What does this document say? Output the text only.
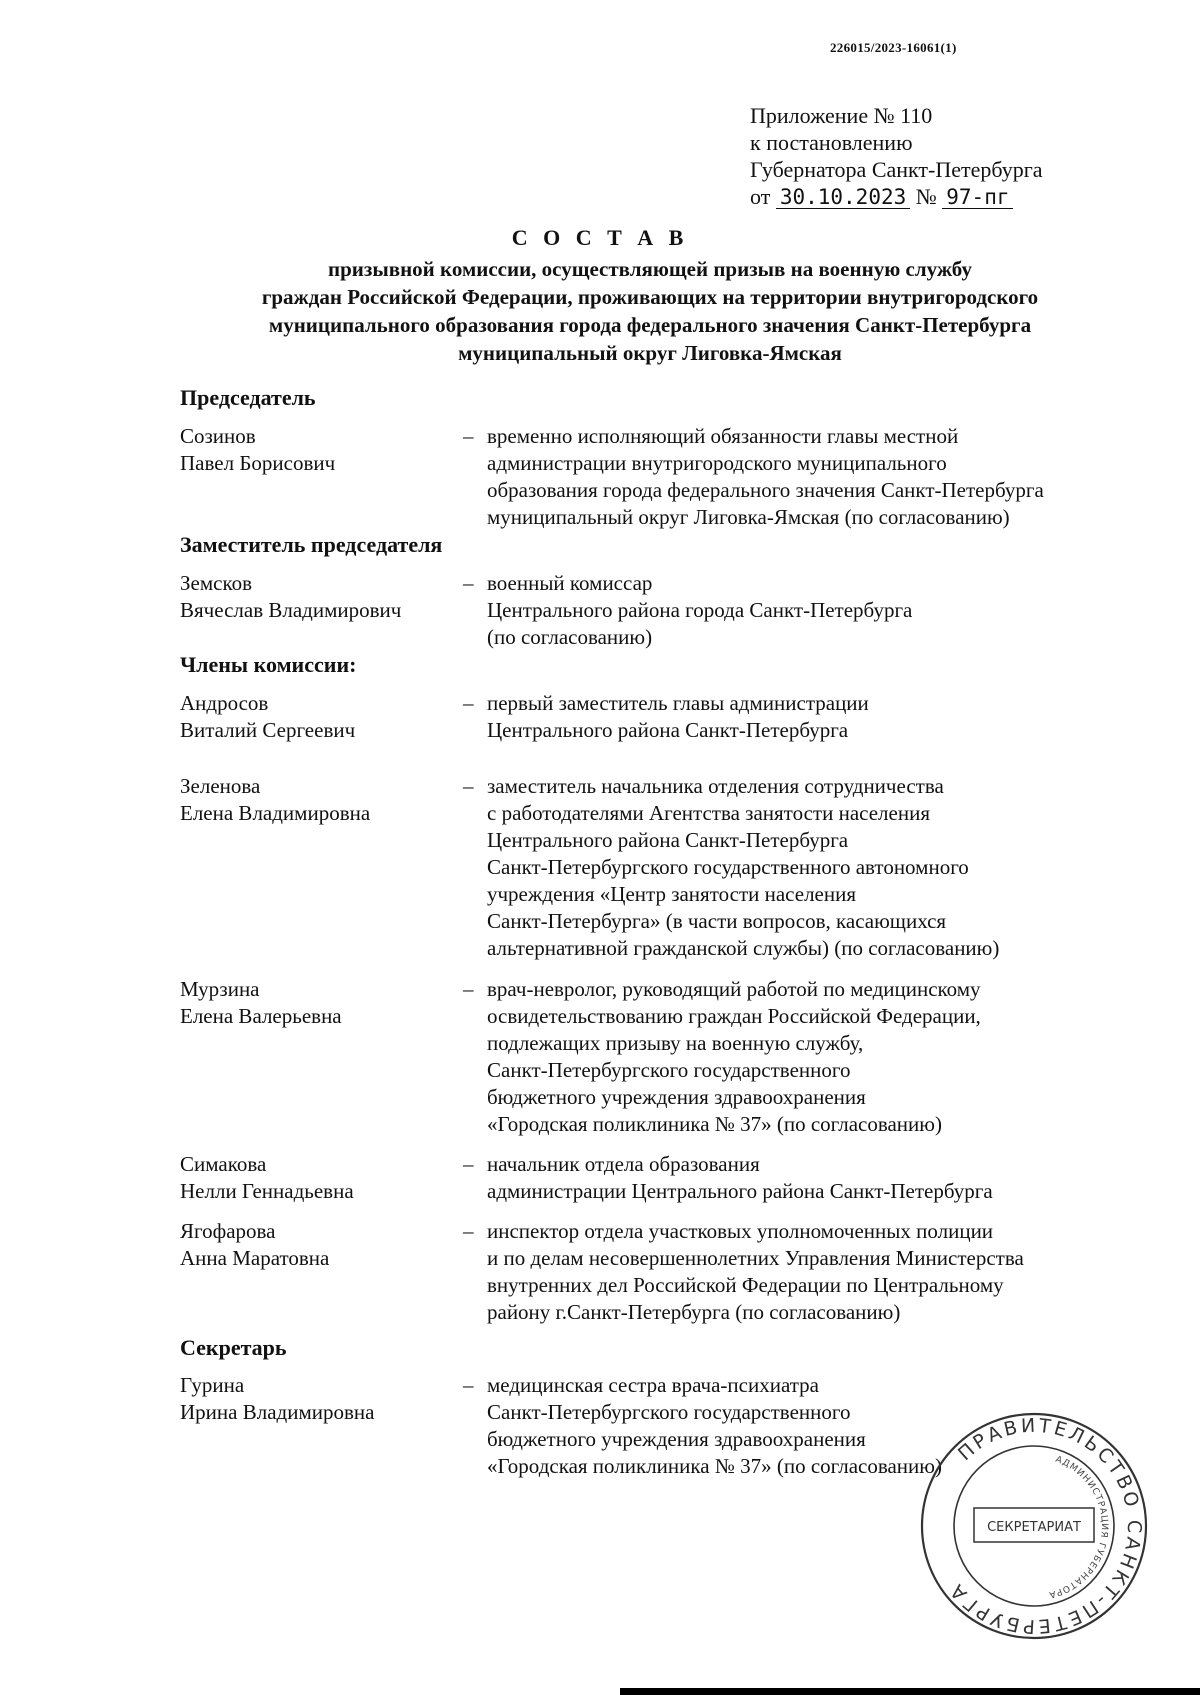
226015/2023-16061(1)
Приложение № 110
к постановлению
Губернатора Санкт-Петербурга
от 30.10.2023 № 97-пг
С О С Т А В
призывной комиссии, осуществляющей призыв на военную службу
граждан Российской Федерации, проживающих на территории внутригородского
муниципального образования города федерального значения Санкт-Петербурга
муниципальный округ Лиговка-Ямская
Председатель
Заместитель председателя
Члены комиссии:
Секретарь
Созинов
Павел Борисович
– временно исполняющий обязанности главы местной
администрации внутригородского муниципального
образования города федерального значения Санкт-Петербурга
муниципальный округ Лиговка-Ямская (по согласованию)
Земсков
Вячеслав Владимирович
– военный комиссар
Центрального района города Санкт-Петербурга
(по согласованию)
Андросов
Виталий Сергеевич
– первый заместитель главы администрации
Центрального района Санкт-Петербурга
Зеленова
Елена Владимировна
– заместитель начальника отделения сотрудничества
с работодателями Агентства занятости населения
Центрального района Санкт-Петербурга
Санкт-Петербургского государственного автономного
учреждения «Центр занятости населения
Санкт-Петербурга» (в части вопросов, касающихся
альтернативной гражданской службы) (по согласованию)
Мурзина
Елена Валерьевна
– врач-невролог, руководящий работой по медицинскому
освидетельствованию граждан Российской Федерации,
подлежащих призыву на военную службу,
Санкт-Петербургского государственного
бюджетного учреждения здравоохранения
«Городская поликлиника № 37» (по согласованию)
Симакова
Нелли Геннадьевна
– начальник отдела образования
администрации Центрального района Санкт-Петербурга
Ягофарова
Анна Маратовна
– инспектор отдела участковых уполномоченных полиции
и по делам несовершеннолетних Управления Министерства
внутренних дел Российской Федерации по Центральному
району г.Санкт-Петербурга (по согласованию)
Гурина
Ирина Владимировна
– медицинская сестра врача-психиатра
Санкт-Петербургского государственного
бюджетного учреждения здравоохранения
«Городская поликлиника № 37» (по согласованию)
ПРАВИТЕЛЬСТВО САНКТ-ПЕТЕРБУРГА
АДМИНИСТРАЦИЯ ГУБЕРНАТОРА
СЕКРЕТАРИАТ
